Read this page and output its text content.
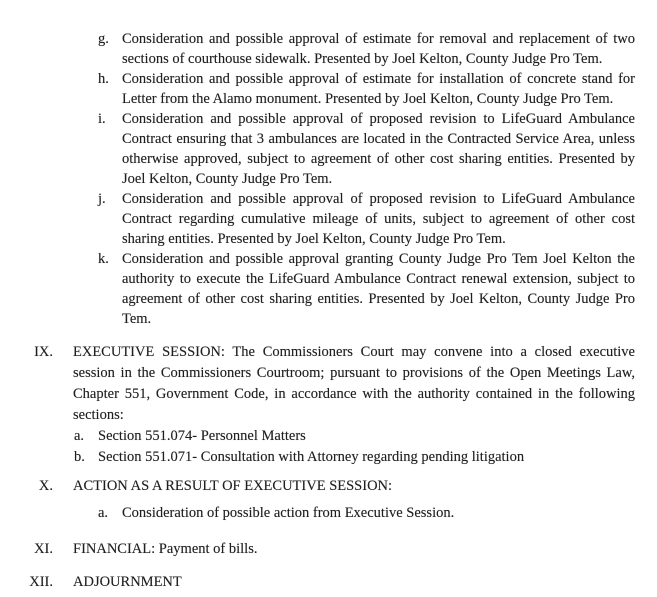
g. Consideration and possible approval of estimate for removal and replacement of two
sections of courthouse sidewalk. Presented by Joel Kelton, County Judge Pro Tem.
h. Consideration and possible approval of estimate for installation of concrete stand for
Letter from the Alamo monument. Presented by Joel Kelton, County Judge Pro Tem.
i. Consideration and possible approval of proposed revision to LifeGuard Ambulance
Contract ensuring that 3 ambulances are located in the Contracted Service Area, unless
otherwise approved, subject to agreement of other cost sharing entities. Presented by
Joel Kelton, County Judge Pro Tem.
j. Consideration and possible approval of proposed revision to LifeGuard Ambulance
Contract regarding cumulative mileage of units, subject to agreement of other cost
sharing entities. Presented by Joel Kelton, County Judge Pro Tem.
k. Consideration and possible approval granting County Judge Pro Tem Joel Kelton the
authority to execute the LifeGuard Ambulance Contract renewal extension, subject to
agreement of other cost sharing entities. Presented by Joel Kelton, County Judge Pro
Tem.
IX. EXECUTIVE SESSION: The Commissioners Court may convene into a closed executive
session in the Commissioners Courtroom; pursuant to provisions of the Open Meetings Law,
Chapter 551, Government Code, in accordance with the authority contained in the following
sections:
a. Section 551.074- Personnel Matters
b. Section 551.071- Consultation with Attorney regarding pending litigation
X. ACTION AS A RESULT OF EXECUTIVE SESSION:
a. Consideration of possible action from Executive Session.
XI. FINANCIAL: Payment of bills.
XII. ADJOURNMENT
